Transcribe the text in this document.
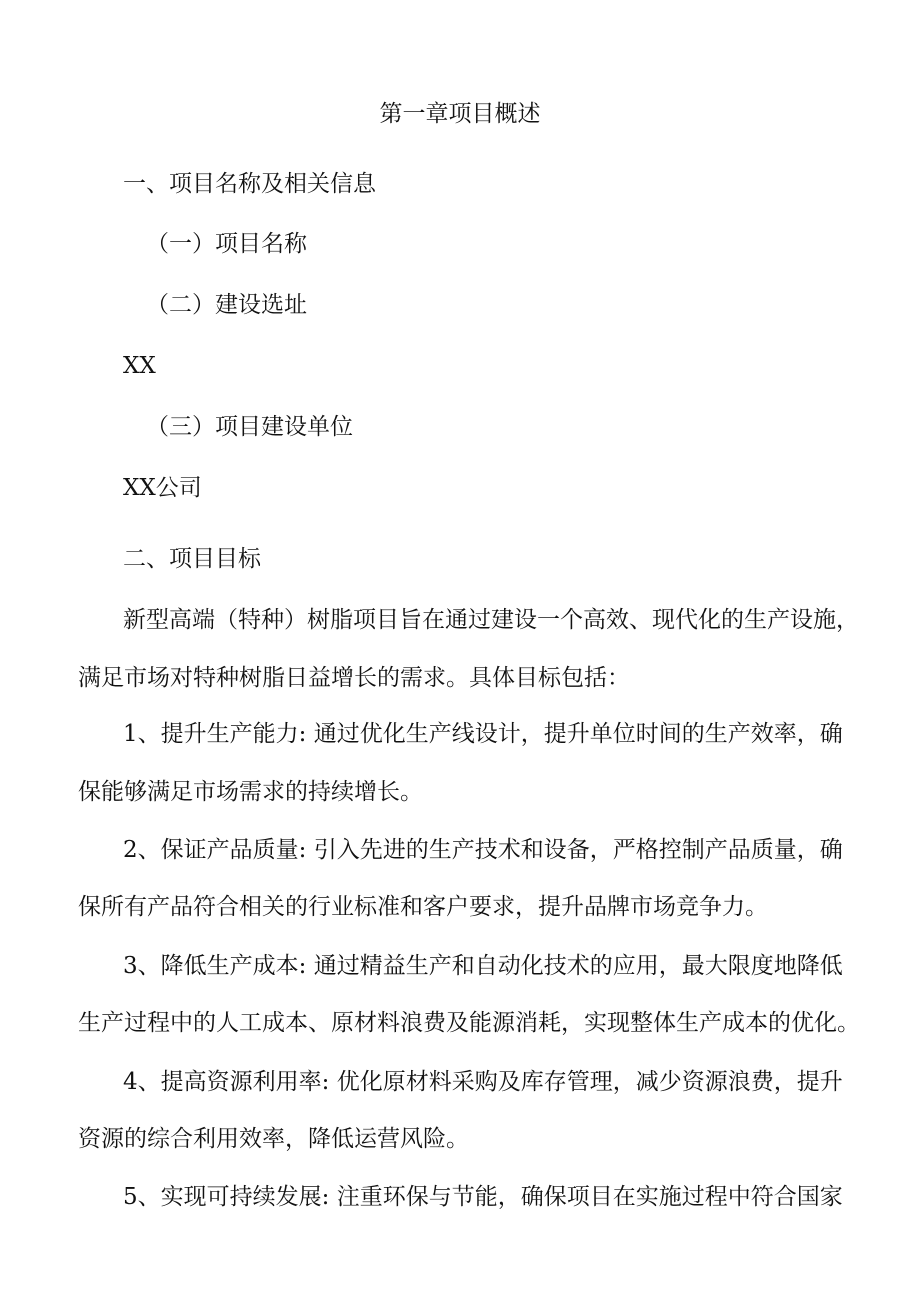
第一章项目概述
一、项目名称及相关信息
（一）项目名称
（二）建设选址
XX
（三）项目建设单位
XX公司
二、项目目标
新型高端（特种）树脂项目旨在通过建设一个高效、现代化的生产设施，
满足市场对特种树脂日益增长的需求。具体目标包括：
1、提升生产能力: 通过优化生产线设计，提升单位时间的生产效率，确
保能够满足市场需求的持续增长。
2、保证产品质量: 引入先进的生产技术和设备，严格控制产品质量，确
保所有产品符合相关的行业标准和客户要求，提升品牌市场竞争力。
3、降低生产成本: 通过精益生产和自动化技术的应用，最大限度地降低
生产过程中的人工成本、原材料浪费及能源消耗，实现整体生产成本的优化。
4、提高资源利用率: 优化原材料采购及库存管理，减少资源浪费，提升
资源的综合利用效率，降低运营风险。
5、实现可持续发展: 注重环保与节能，确保项目在实施过程中符合国家
